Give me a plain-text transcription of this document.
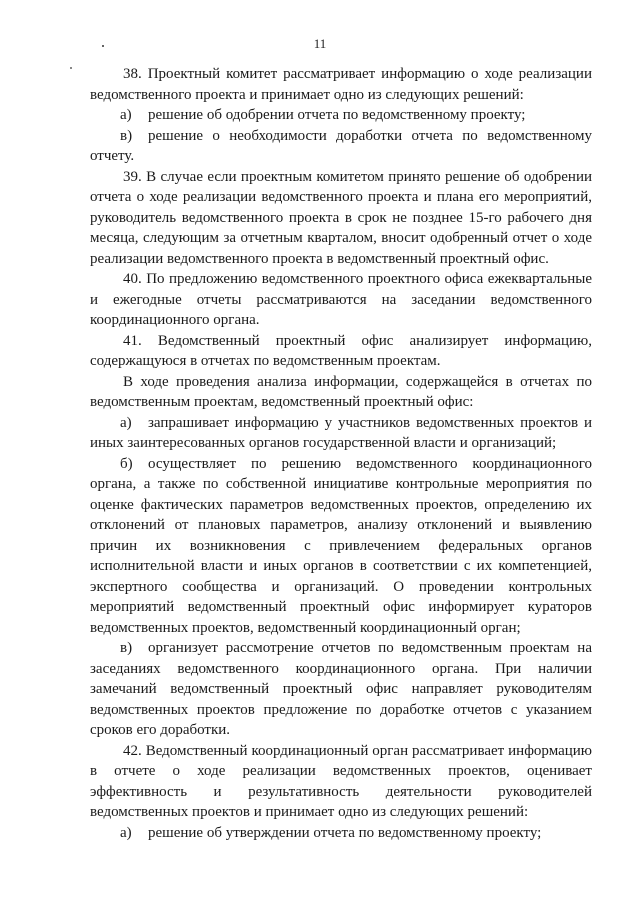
11

38. Проектный комитет рассматривает информацию о ходе реализации ведомственного проекта и принимает одно из следующих решений:

а) решение об одобрении отчета по ведомственному проекту;

в) решение о необходимости доработки отчета по ведомственному отчету.

39. В случае если проектным комитетом принято решение об одобрении отчета о ходе реализации ведомственного проекта и плана его мероприятий, руководитель ведомственного проекта в срок не позднее 15-го рабочего дня месяца, следующим за отчетным кварталом, вносит одобренный отчет о ходе реализации ведомственного проекта в ведомственный проектный офис.

40. По предложению ведомственного проектного офиса ежеквартальные и ежегодные отчеты рассматриваются на заседании ведомственного координационного органа.

41. Ведомственный проектный офис анализирует информацию, содержащуюся в отчетах по ведомственным проектам.

В ходе проведения анализа информации, содержащейся в отчетах по ведомственным проектам, ведомственный проектный офис:

а) запрашивает информацию у участников ведомственных проектов и иных заинтересованных органов государственной власти и организаций;

б) осуществляет по решению ведомственного координационного органа, а также по собственной инициативе контрольные мероприятия по оценке фактических параметров ведомственных проектов, определению их отклонений от плановых параметров, анализу отклонений и выявлению причин их возникновения с привлечением федеральных органов исполнительной власти и иных органов в соответствии с их компетенцией, экспертного сообщества и организаций. О проведении контрольных мероприятий ведомственный проектный офис информирует кураторов ведомственных проектов, ведомственный координационный орган;

в) организует рассмотрение отчетов по ведомственным проектам на заседаниях ведомственного координационного органа. При наличии замечаний ведомственный проектный офис направляет руководителям ведомственных проектов предложение по доработке отчетов с указанием сроков его доработки.

42. Ведомственный координационный орган рассматривает информацию в отчете о ходе реализации ведомственных проектов, оценивает эффективность и результативность деятельности руководителей ведомственных проектов и принимает одно из следующих решений:

а) решение об утверждении отчета по ведомственному проекту;
